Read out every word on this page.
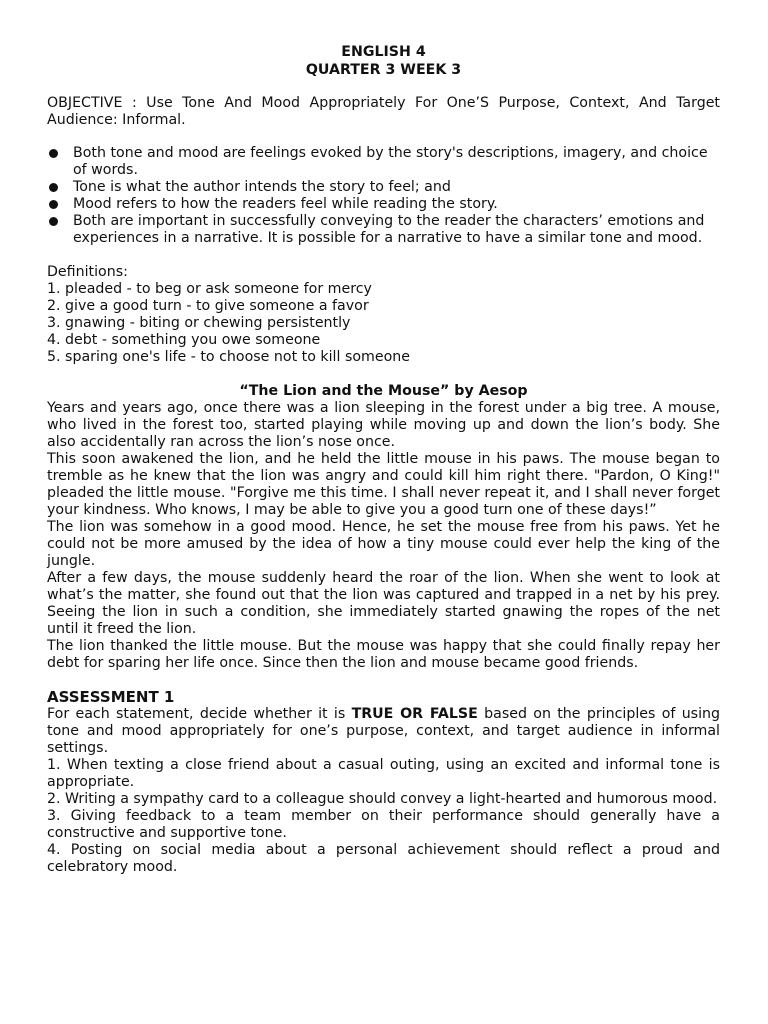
ENGLISH 4
QUARTER 3 WEEK 3
OBJECTIVE : Use Tone And Mood Appropriately For One’S Purpose, Context, And Target Audience: Informal.
Both tone and mood are feelings evoked by the story's descriptions, imagery, and choice of words.
Tone is what the author intends the story to feel; and
Mood refers to how the readers feel while reading the story.
Both are important in successfully conveying to the reader the characters’ emotions and experiences in a narrative. It is possible for a narrative to have a similar tone and mood.
Definitions:
1. pleaded - to beg or ask someone for mercy
2. give a good turn - to give someone a favor
3. gnawing - biting or chewing persistently
4. debt - something you owe someone
5. sparing one's life - to choose not to kill someone
“The Lion and the Mouse” by Aesop

Years and years ago, once there was a lion sleeping in the forest under a big tree. A mouse, who lived in the forest too, started playing while moving up and down the lion’s body. She also accidentally ran across the lion’s nose once.

This soon awakened the lion, and he held the little mouse in his paws. The mouse began to tremble as he knew that the lion was angry and could kill him right there. "Pardon, O King!" pleaded the little mouse. "Forgive me this time. I shall never repeat it, and I shall never forget your kindness. Who knows, I may be able to give you a good turn one of these days!”

The lion was somehow in a good mood. Hence, he set the mouse free from his paws. Yet he could not be more amused by the idea of how a tiny mouse could ever help the king of the jungle.

After a few days, the mouse suddenly heard the roar of the lion. When she went to look at what’s the matter, she found out that the lion was captured and trapped in a net by his prey. Seeing the lion in such a condition, she immediately started gnawing the ropes of the net until it freed the lion.

The lion thanked the little mouse. But the mouse was happy that she could finally repay her debt for sparing her life once. Since then the lion and mouse became good friends.

ASSESSMENT 1

For each statement, decide whether it is TRUE OR FALSE based on the principles of using tone and mood appropriately for one’s purpose, context, and target audience in informal settings.

1. When texting a close friend about a casual outing, using an excited and informal tone is appropriate.

2. Writing a sympathy card to a colleague should convey a light-hearted and humorous mood.

3. Giving feedback to a team member on their performance should generally have a constructive and supportive tone.

4. Posting on social media about a personal achievement should reflect a proud and celebratory mood.
